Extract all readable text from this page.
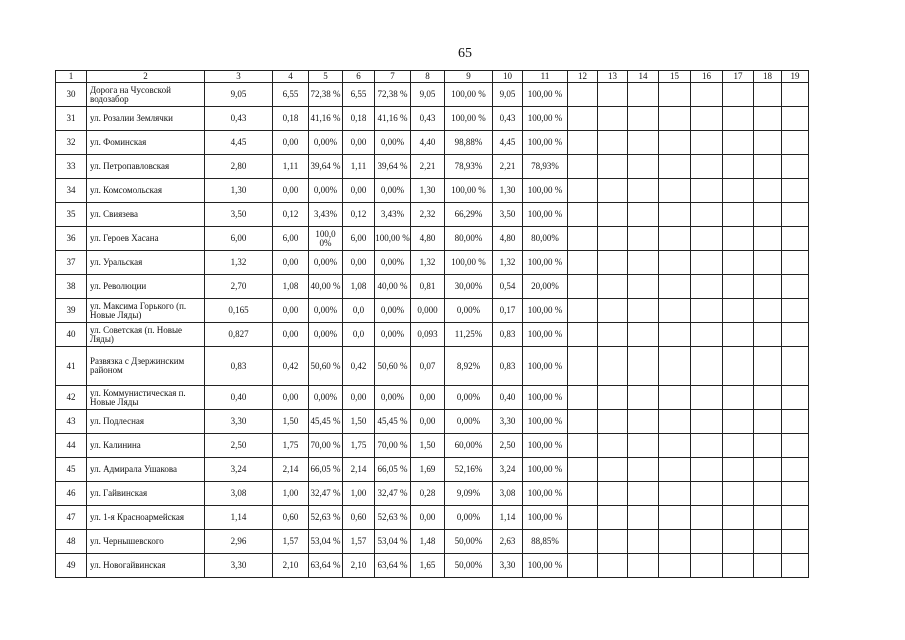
65
1	2	3	4	5	6	7	8	9	10	11	12	13	14	15	16	17	18	19
30	Дорога на Чусовской водозабор	9,05	6,55	72,38 %	6,55	72,38 %	9,05	100,00 %	9,05	100,00 %								
31	ул. Розалии Землячки	0,43	0,18	41,16 %	0,18	41,16 %	0,43	100,00 %	0,43	100,00 %								
32	ул. Фоминская	4,45	0,00	0,00%	0,00	0,00%	4,40	98,88%	4,45	100,00 %								
33	ул. Петропавловская	2,80	1,11	39,64 %	1,11	39,64 %	2,21	78,93%	2,21	78,93%								
34	ул. Комсомольская	1,30	0,00	0,00%	0,00	0,00%	1,30	100,00 %	1,30	100,00 %								
35	ул. Свиязева	3,50	0,12	3,43%	0,12	3,43%	2,32	66,29%	3,50	100,00 %								
36	ул. Героев Хасана	6,00	6,00	100,0 0%	6,00	100,00 %	4,80	80,00%	4,80	80,00%								
37	ул. Уральская	1,32	0,00	0,00%	0,00	0,00%	1,32	100,00 %	1,32	100,00 %								
38	ул. Революции	2,70	1,08	40,00 %	1,08	40,00 %	0,81	30,00%	0,54	20,00%								
39	ул. Максима Горького (п. Новые Ляды)	0,165	0,00	0,00%	0,0	0,00%	0,000	0,00%	0,17	100,00 %								
40	ул. Советская (п. Новые Ляды)	0,827	0,00	0,00%	0,0	0,00%	0,093	11,25%	0,83	100,00 %								
41	Развязка с Дзержинским районом	0,83	0,42	50,60 %	0,42	50,60 %	0,07	8,92%	0,83	100,00 %								
42	ул. Коммунистическая п. Новые Ляды	0,40	0,00	0,00%	0,00	0,00%	0,00	0,00%	0,40	100,00 %								
43	ул. Подлесная	3,30	1,50	45,45 %	1,50	45,45 %	0,00	0,00%	3,30	100,00 %								
44	ул. Калинина	2,50	1,75	70,00 %	1,75	70,00 %	1,50	60,00%	2,50	100,00 %								
45	ул. Адмирала Ушакова	3,24	2,14	66,05 %	2,14	66,05 %	1,69	52,16%	3,24	100,00 %								
46	ул. Гайвинская	3,08	1,00	32,47 %	1,00	32,47 %	0,28	9,09%	3,08	100,00 %								
47	ул. 1-я Красноармейская	1,14	0,60	52,63 %	0,60	52,63 %	0,00	0,00%	1,14	100,00 %								
48	ул. Чернышевского	2,96	1,57	53,04 %	1,57	53,04 %	1,48	50,00%	2,63	88,85%								
49	ул. Новогайвинская	3,30	2,10	63,64 %	2,10	63,64 %	1,65	50,00%	3,30	100,00 %								
